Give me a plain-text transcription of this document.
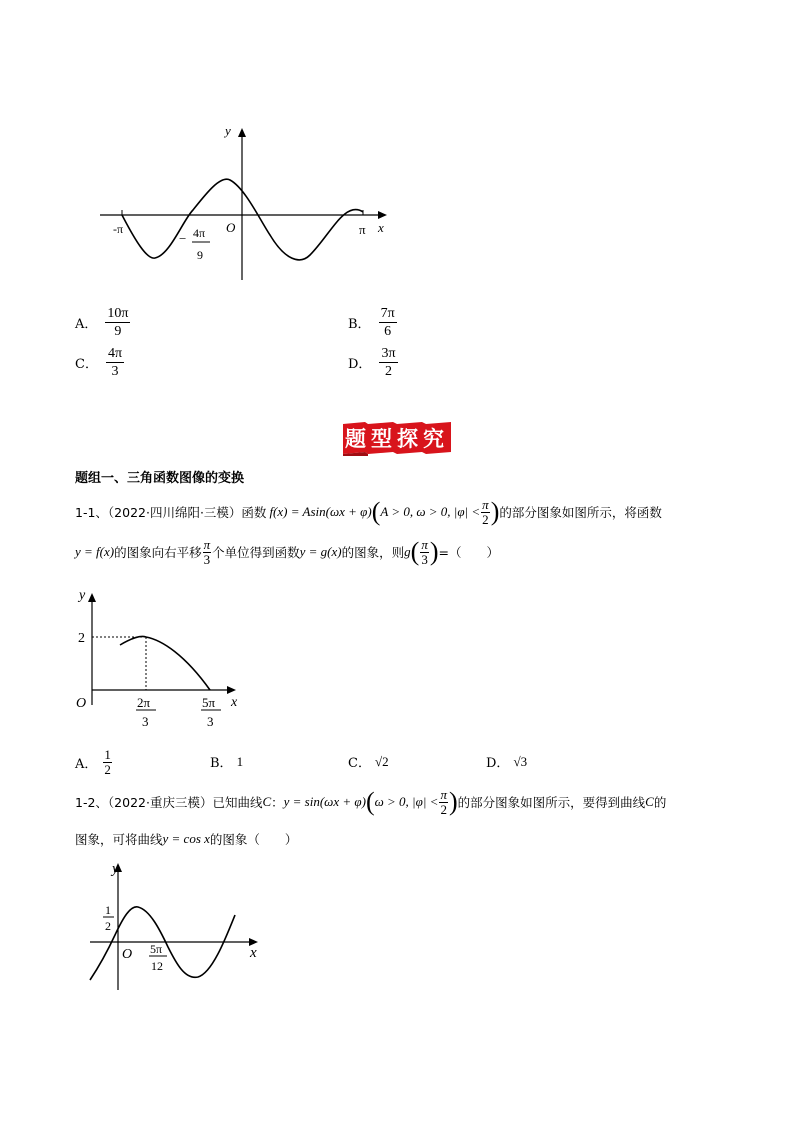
y
x
O
-π	π
− 4π
9
A． $\frac{10\pi}{9}$	B． $\frac{7\pi}{6}$
C． $\frac{4\pi}{3}$	D． $\frac{3\pi}{2}$
题型探究
题组一、三角函数图像的变换
1-1、（2022·四川绵阳·三模）函数 f(x) = Asin(ωx + φ) ( A > 0, ω > 0, $|\varphi| < \frac{\pi}{2}$ ) 的部分图象如图所示，将函数
y = f(x) 的图象向右平移 $\frac{\pi}{3}$ 个单位得到函数 y = g(x) 的图象，则 g ( $\frac{\pi}{3}$ ) =（　　）
y
x
O
2
2π
3
5π
3
A． $\frac{1}{2}$	B． 1	C． √2	D． √3
1-2、（2022·重庆三模）已知曲线 C ： y = sin(ωx + φ) ( ω > 0, $|\varphi| < \frac{\pi}{2}$ ) 的部分图象如图所示，要得到曲线 C 的
图象，可将曲线 y = cos x 的图象（　　）
y
x
O
1
2
5π
12
